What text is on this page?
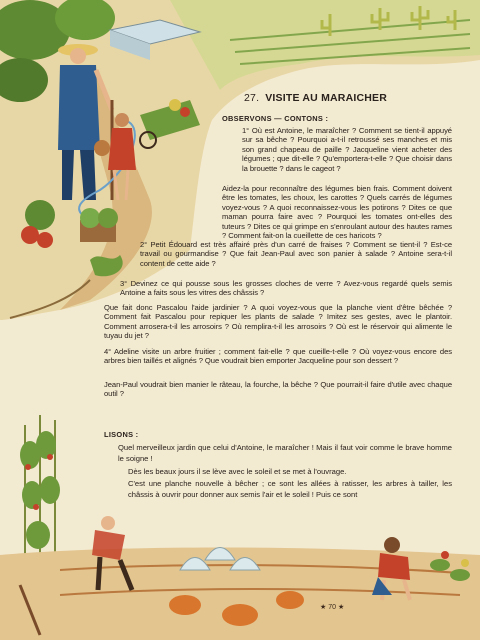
27. VISITE AU MARAICHER
OBSERVONS — CONTONS :
1° Où est Antoine, le maraîcher ? Comment se tient-il appuyé sur sa bêche ? Pourquoi a-t-il retroussé ses manches et mis son grand chapeau de paille ? Jacqueline vient acheter des légumes ; que dit-elle ? Qu'emportera-t-elle ? Que choisir dans la brouette ? dans le cageot ?
Aidez-la pour reconnaître des légumes bien frais. Comment doivent être les tomates, les choux, les carottes ? Quels carrés de légumes voyez-vous ? A quoi reconnaissez-vous les potirons ? Dites ce que maman pourra faire avec ? Pourquoi les tomates ont-elles des tuteurs ? Dites ce qui grimpe en s'enroulant autour des hautes rames ? Comment fait-on la cueillette de ces haricots ?
2° Petit Édouard est très affairé près d'un carré de fraises ? Comment se tient-il ? Est-ce travail ou gourmandise ? Que fait Jean-Paul avec son panier à salade ? Antoine sera-t-il content de cette aide ?
3° Devinez ce qui pousse sous les grosses cloches de verre ? Avez-vous regardé quels semis Antoine a faits sous les vitres des châssis ?
Que fait donc Pascalou l'aide jardinier ? A quoi voyez-vous que la planche vient d'être bêchée ? Comment fait Pascalou pour repiquer les plants de salade ? Imitez ses gestes, avec le plantoir. Comment arrosera-t-il les arrosoirs ? Où remplira-t-il les arrosoirs ? Où est le réservoir qui alimente le tuyau du jet ?
4° Adeline visite un arbre fruitier ; comment fait-elle ? que cueille-t-elle ? Où voyez-vous encore des arbres bien taillés et alignés ? Que voudrait bien emporter Jacqueline pour son dessert ?
Jean-Paul voudrait bien manier le râteau, la fourche, la bêche ? Que pourrait-il faire d'utile avec chaque outil ?
LISONS :
Quel merveilleux jardin que celui d'Antoine, le maraîcher ! Mais il faut voir comme le brave homme le soigne !
Dès les beaux jours il se lève avec le soleil et se met à l'ouvrage.
C'est une planche nouvelle à bêcher ; ce sont les allées à ratisser, les arbres à tailler, les châssis à ouvrir pour donner aux semis l'air et le soleil ! Puis ce sont
★ 70 ★
